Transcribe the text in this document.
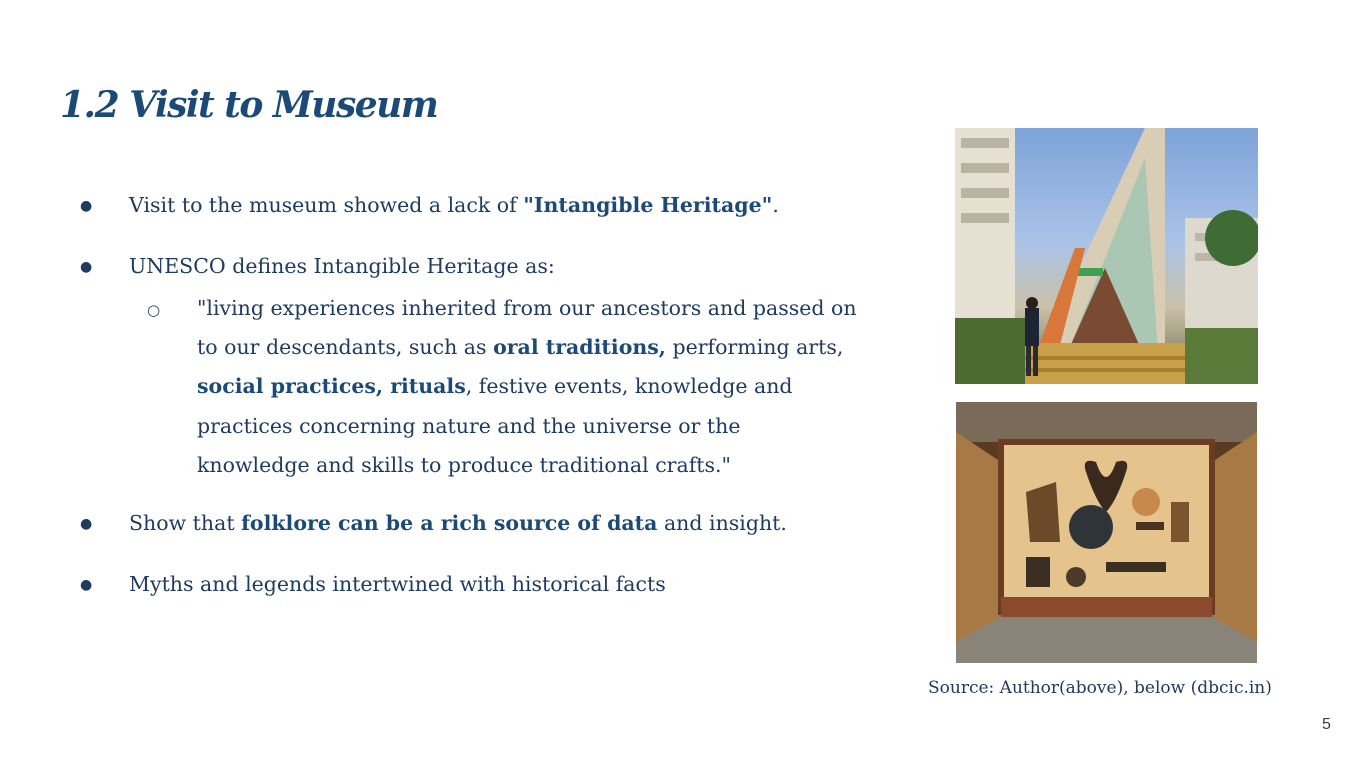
1.2 Visit to Museum
●	Visit to the museum showed a lack of "Intangible Heritage".
●	UNESCO defines Intangible Heritage as:
○	"living experiences inherited from our ancestors and passed on to our descendants, such as oral traditions, performing arts, social practices, rituals, festive events, knowledge and practices concerning nature and the universe or the knowledge and skills to produce traditional crafts."
●	Show that folklore can be a rich source of data and insight.
●	Myths and legends intertwined with historical facts

Source: Author(above), below (dbcic.in)

5
